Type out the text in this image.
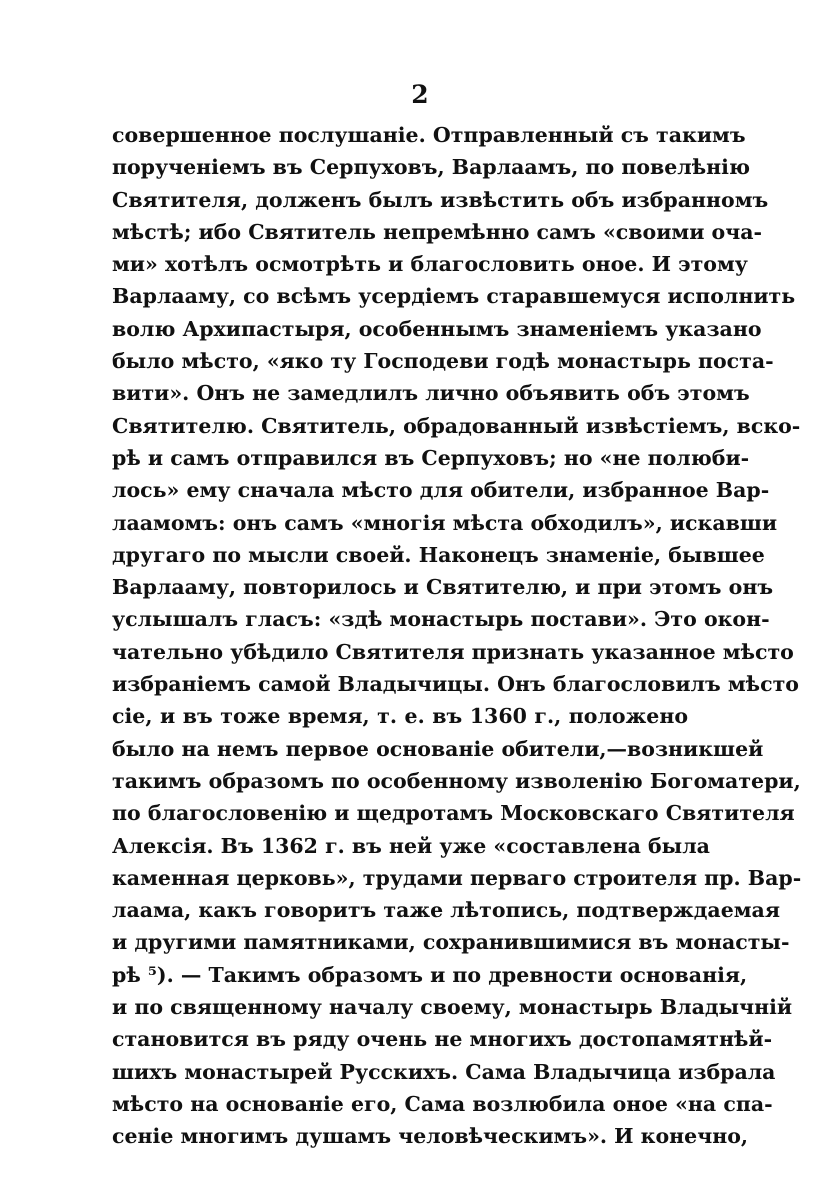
2
совершенное послушаніе. Отправленный съ такимъ
порученіемъ въ Серпуховъ, Варлаамъ, по повелѣнію
Святителя, долженъ былъ извѣстить объ избранномъ
мѣстѣ; ибо Святитель непремѣнно самъ «своими оча-
ми» хотѣлъ осмотрѣть и благословить оное. И этому
Варлааму, со всѣмъ усердіемъ старавшемуся исполнить
волю Архипастыря, особеннымъ знаменіемъ указано
было мѣсто, «яко ту Господеви годѣ монастырь поста-
вити». Онъ не замедлилъ лично объявить объ этомъ
Святителю. Святитель, обрадованный извѣстіемъ, вско-
рѣ и самъ отправился въ Серпуховъ; но «не полюби-
лось» ему сначала мѣсто для обители, избранное Вар-
лаамомъ: онъ самъ «многія мѣста обходилъ», искавши
другаго по мысли своей. Наконецъ знаменіе, бывшее
Варлааму, повторилось и Святителю, и при этомъ онъ
услышалъ гласъ: «здѣ монастырь постави». Это окон-
чательно убѣдило Святителя признать указанное мѣсто
избраніемъ самой Владычицы. Онъ благословилъ мѣсто
сіе, и въ тоже время, т. е. въ 1360 г., положено
было на немъ первое основаніе обители,—возникшей
такимъ образомъ по особенному изволенію Богоматери,
по благословенію и щедротамъ Московскаго Святителя
Алексія. Въ 1362 г. въ ней уже «составлена была
каменная церковь», трудами перваго строителя пр. Вар-
лаама, какъ говоритъ таже лѣтопись, подтверждаемая
и другими памятниками, сохранившимися въ монасты-
рѣ ⁵). — Такимъ образомъ и по древности основанія,
и по священному началу своему, монастырь Владычній
становится въ ряду очень не многихъ достопамятнѣй-
шихъ монастырей Русскихъ. Сама Владычица избрала
мѣсто на основаніе его, Сама возлюбила оное «на спа-
сеніе многимъ душамъ человѣческимъ». И конечно,
